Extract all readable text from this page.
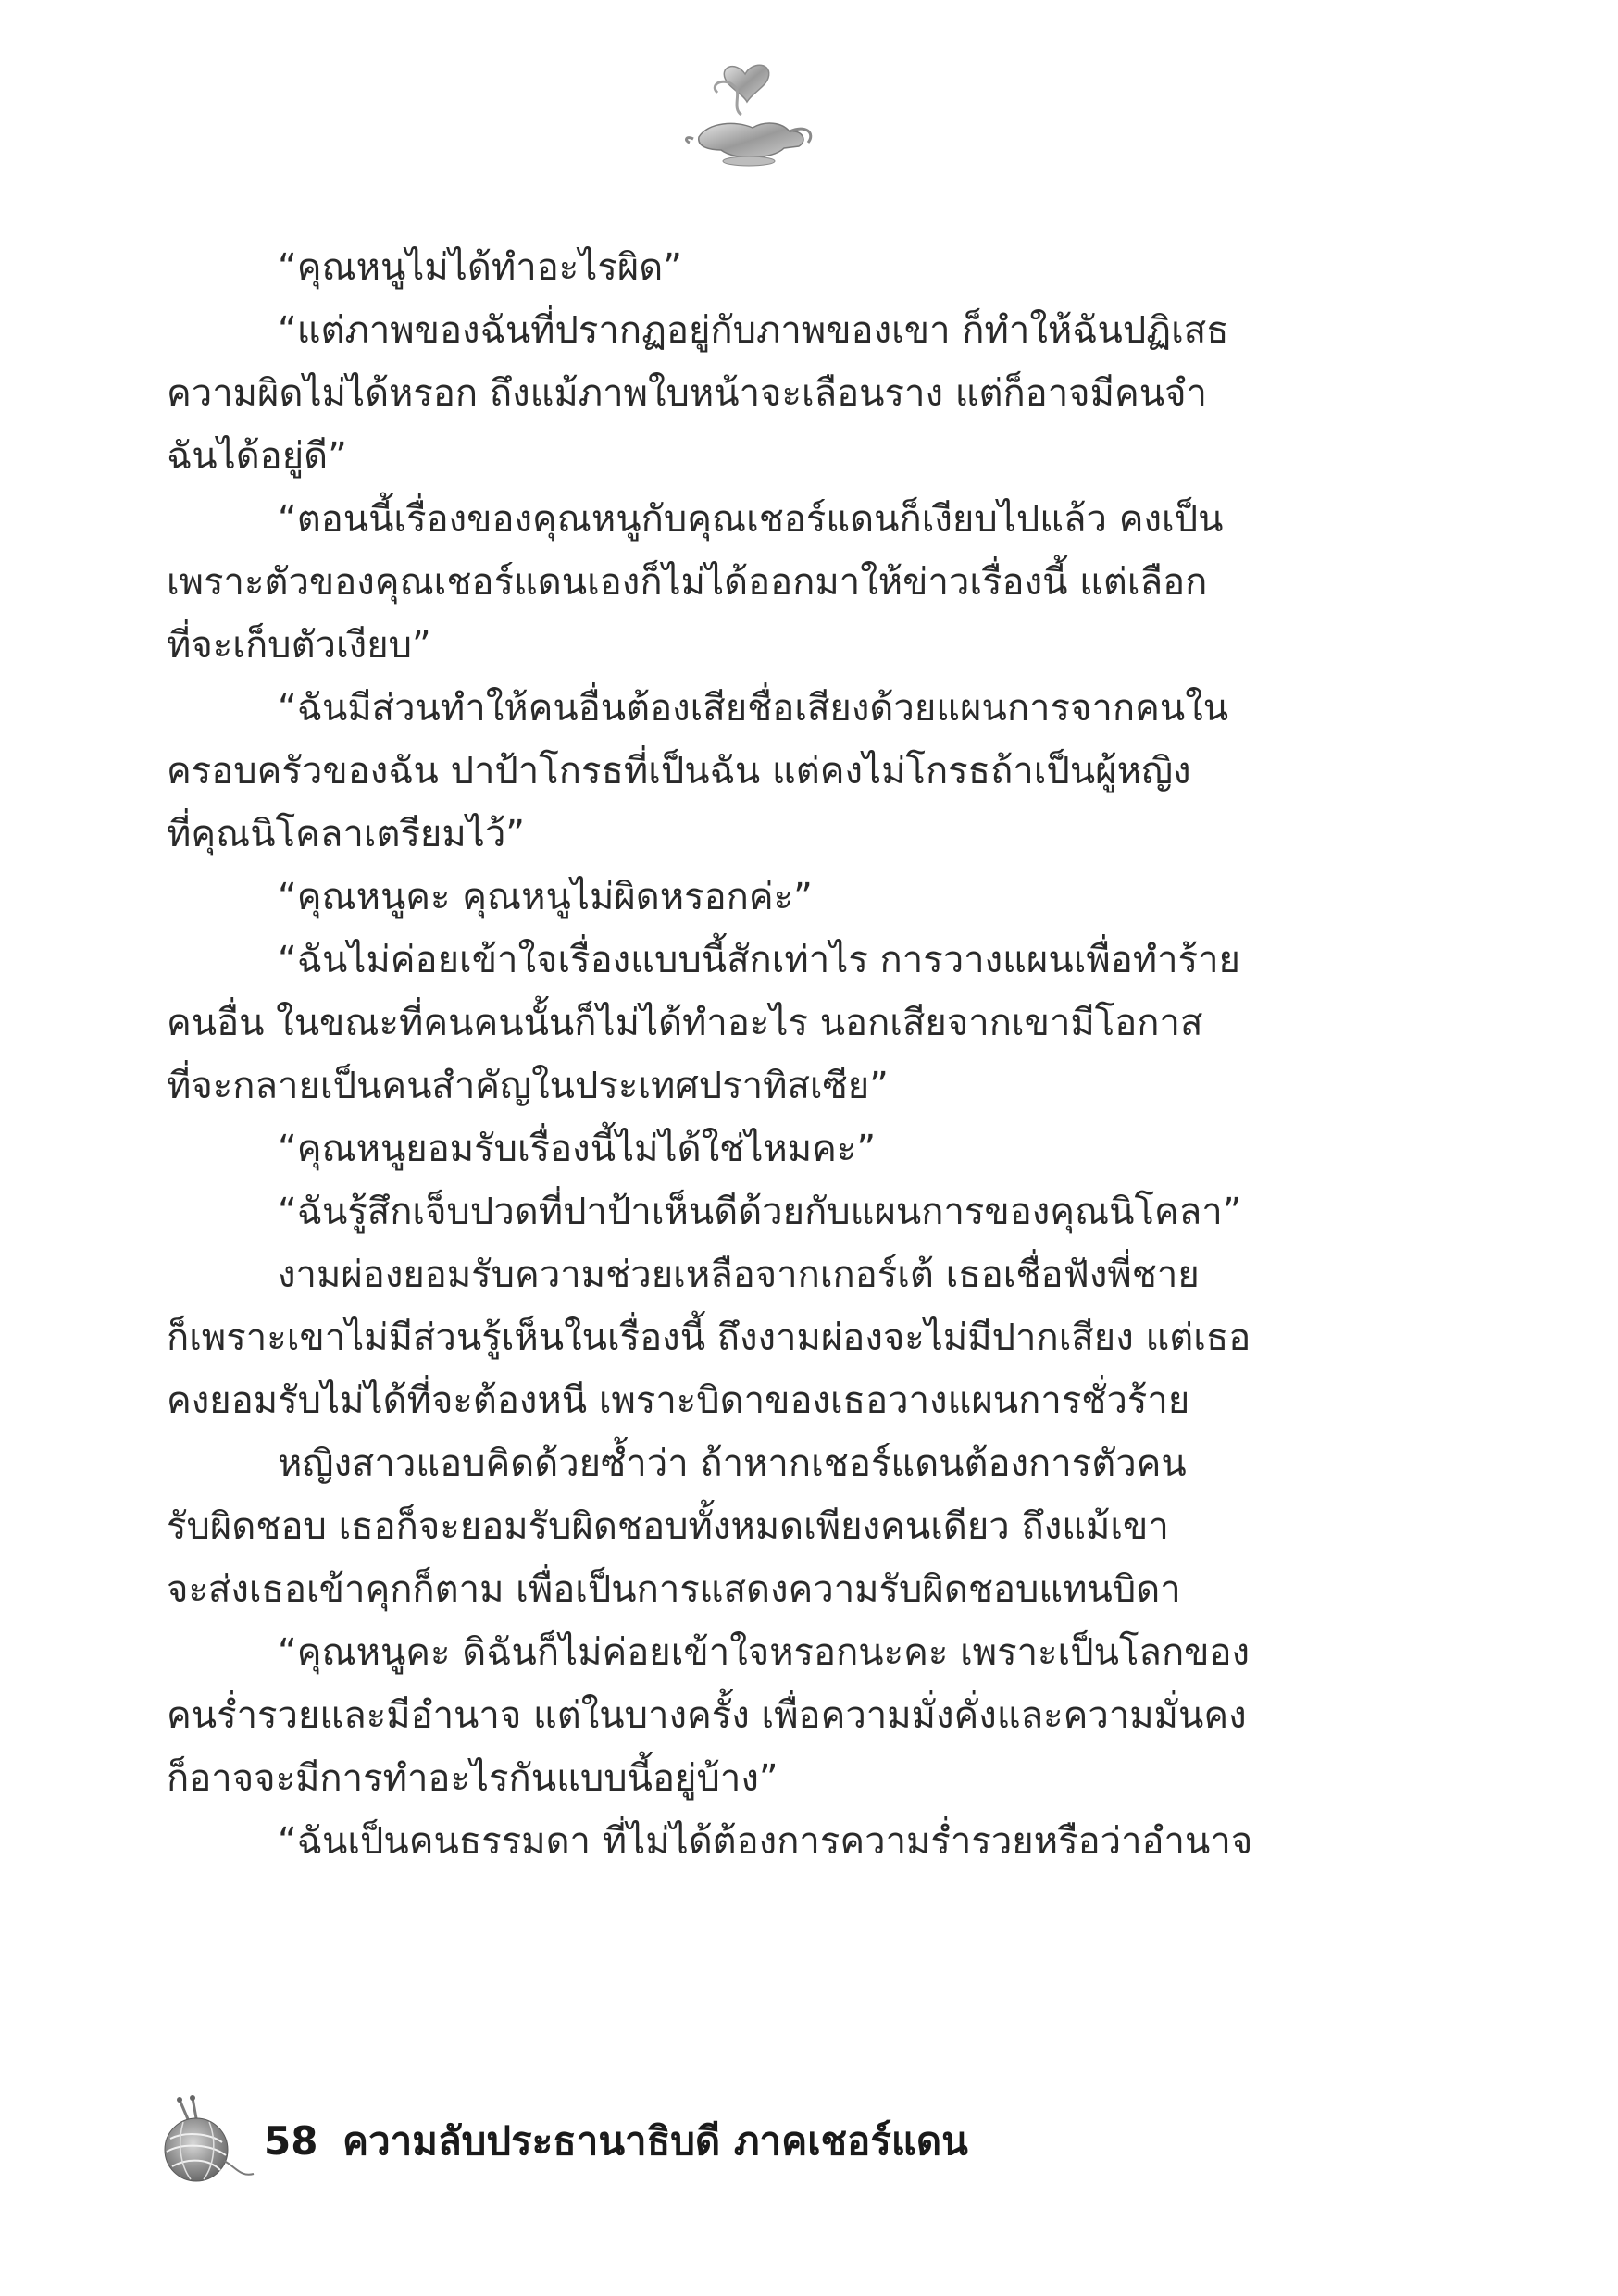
“คุณหนูไม่ได้ทำอะไรผิด”
“แต่ภาพของฉันที่ปรากฏอยู่กับภาพของเขา ก็ทำให้ฉันปฏิเสธ
ความผิดไม่ได้หรอก ถึงแม้ภาพใบหน้าจะเลือนราง แต่ก็อาจมีคนจำ
ฉันได้อยู่ดี”
“ตอนนี้เรื่องของคุณหนูกับคุณเชอร์แดนก็เงียบไปแล้ว คงเป็น
เพราะตัวของคุณเชอร์แดนเองก็ไม่ได้ออกมาให้ข่าวเรื่องนี้ แต่เลือก
ที่จะเก็บตัวเงียบ”
“ฉันมีส่วนทำให้คนอื่นต้องเสียชื่อเสียงด้วยแผนการจากคนใน
ครอบครัวของฉัน ปาป้าโกรธที่เป็นฉัน แต่คงไม่โกรธถ้าเป็นผู้หญิง
ที่คุณนิโคลาเตรียมไว้”
“คุณหนูคะ คุณหนูไม่ผิดหรอกค่ะ”
“ฉันไม่ค่อยเข้าใจเรื่องแบบนี้สักเท่าไร การวางแผนเพื่อทำร้าย
คนอื่น ในขณะที่คนคนนั้นก็ไม่ได้ทำอะไร นอกเสียจากเขามีโอกาส
ที่จะกลายเป็นคนสำคัญในประเทศปราทิสเซีย”
“คุณหนูยอมรับเรื่องนี้ไม่ได้ใช่ไหมคะ”
“ฉันรู้สึกเจ็บปวดที่ปาป้าเห็นดีด้วยกับแผนการของคุณนิโคลา”
งามผ่องยอมรับความช่วยเหลือจากเกอร์เต้ เธอเชื่อฟังพี่ชาย
ก็เพราะเขาไม่มีส่วนรู้เห็นในเรื่องนี้ ถึงงามผ่องจะไม่มีปากเสียง แต่เธอ
คงยอมรับไม่ได้ที่จะต้องหนี เพราะบิดาของเธอวางแผนการชั่วร้าย
หญิงสาวแอบคิดด้วยซ้ำว่า ถ้าหากเชอร์แดนต้องการตัวคน
รับผิดชอบ เธอก็จะยอมรับผิดชอบทั้งหมดเพียงคนเดียว ถึงแม้เขา
จะส่งเธอเข้าคุกก็ตาม เพื่อเป็นการแสดงความรับผิดชอบแทนบิดา
“คุณหนูคะ ดิฉันก็ไม่ค่อยเข้าใจหรอกนะคะ เพราะเป็นโลกของ
คนร่ำรวยและมีอำนาจ แต่ในบางครั้ง เพื่อความมั่งคั่งและความมั่นคง
ก็อาจจะมีการทำอะไรกันแบบนี้อยู่บ้าง”
“ฉันเป็นคนธรรมดา ที่ไม่ได้ต้องการความร่ำรวยหรือว่าอำนาจ
58 ความลับประธานาธิบดี ภาคเชอร์แดน
